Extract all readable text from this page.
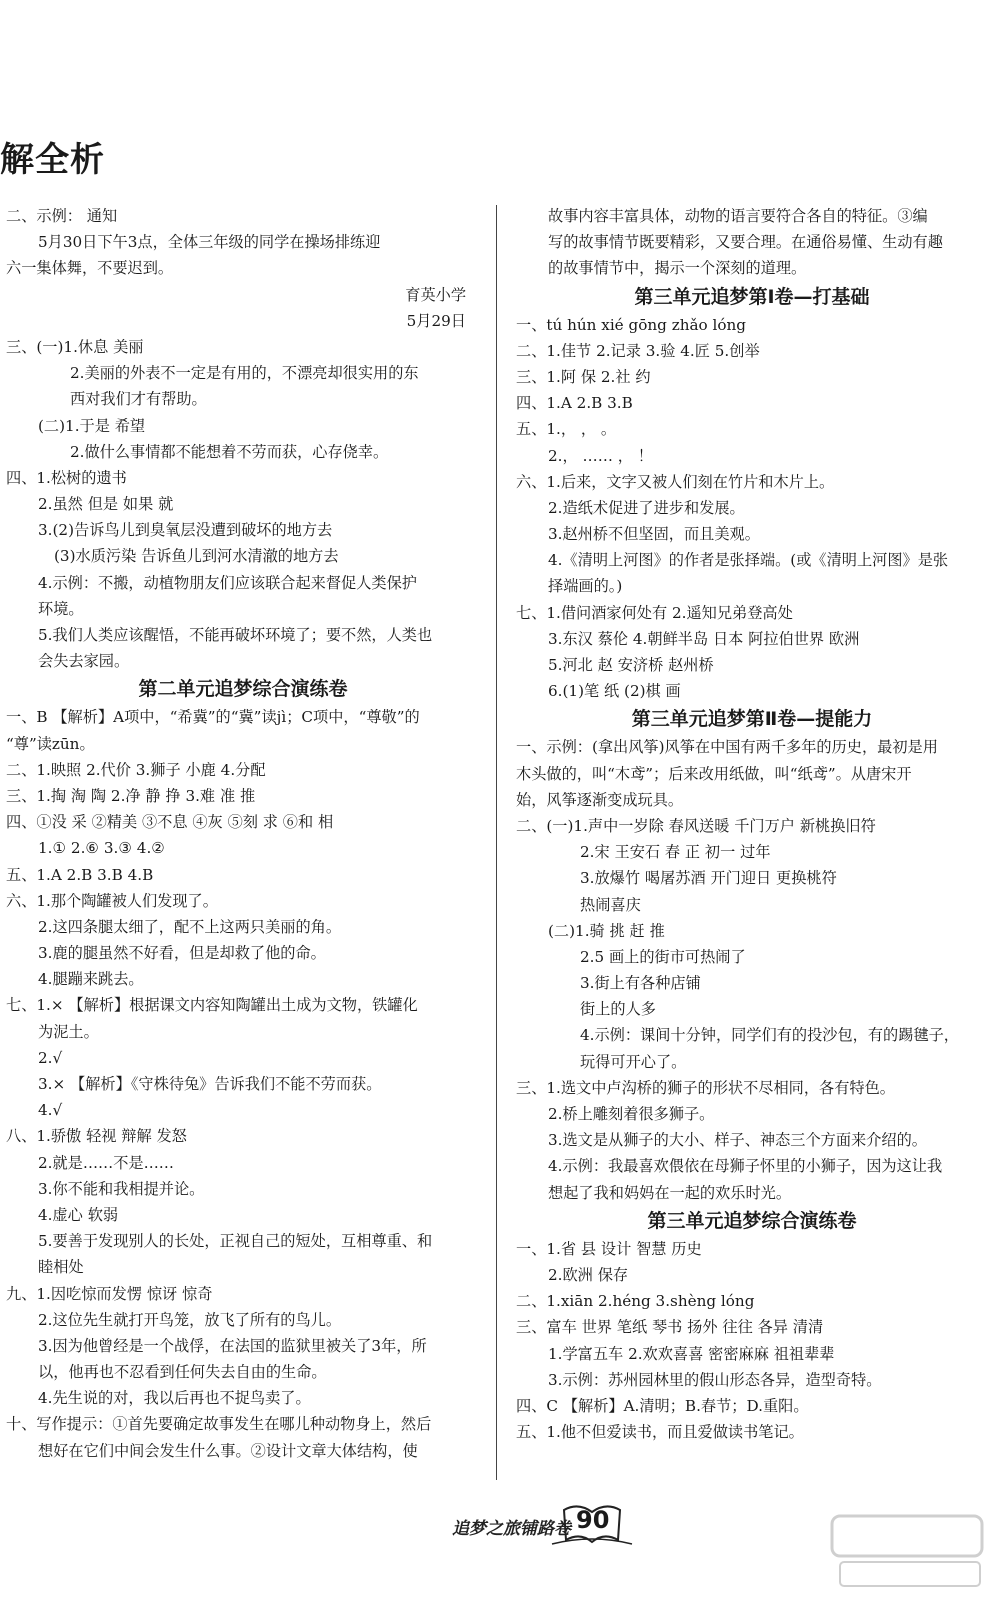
解全析
二、示例： 通知
5月30日下午3点，全体三年级的同学在操场排练迎
六一集体舞，不要迟到。
育英小学
5月29日
三、(一)1.休息 美丽
2.美丽的外表不一定是有用的，不漂亮却很实用的东
西对我们才有帮助。
(二)1.于是 希望
2.做什么事情都不能想着不劳而获，心存侥幸。
四、1.松树的遗书
2.虽然 但是 如果 就
3.(2)告诉鸟儿到臭氧层没遭到破坏的地方去
(3)水质污染 告诉鱼儿到河水清澈的地方去
4.示例：不搬，动植物朋友们应该联合起来督促人类保护
环境。
5.我们人类应该醒悟，不能再破坏环境了；要不然，人类也
会失去家园。
第二单元追梦综合演练卷
一、B 【解析】A项中，“希冀”的“冀”读jì；C项中，“尊敬”的
“尊”读zūn。
二、1.映照 2.代价 3.狮子 小鹿 4.分配
三、1.掏 淘 陶 2.净 静 挣 3.难 准 推
四、①没 采 ②精美 ③不息 ④灰 ⑤刻 求 ⑥和 相
1.① 2.⑥ 3.③ 4.②
五、1.A 2.B 3.B 4.B
六、1.那个陶罐被人们发现了。
2.这四条腿太细了，配不上这两只美丽的角。
3.鹿的腿虽然不好看，但是却救了他的命。
4.腿蹦来跳去。
七、1.× 【解析】根据课文内容知陶罐出土成为文物，铁罐化
为泥土。
2.√
3.× 【解析】《守株待兔》告诉我们不能不劳而获。
4.√
八、1.骄傲 轻视 辩解 发怒
2.就是……不是……
3.你不能和我相提并论。
4.虚心 软弱
5.要善于发现别人的长处，正视自己的短处，互相尊重、和
睦相处
九、1.因吃惊而发愣 惊讶 惊奇
2.这位先生就打开鸟笼，放飞了所有的鸟儿。
3.因为他曾经是一个战俘，在法国的监狱里被关了3年，所
以，他再也不忍看到任何失去自由的生命。
4.先生说的对，我以后再也不捉鸟卖了。
十、写作提示：①首先要确定故事发生在哪儿种动物身上，然后
想好在它们中间会发生什么事。②设计文章大体结构，使
故事内容丰富具体，动物的语言要符合各自的特征。③编
写的故事情节既要精彩，又要合理。在通俗易懂、生动有趣
的故事情节中，揭示一个深刻的道理。
第三单元追梦第Ⅰ卷—打基础
一、tú hún xié gōng zhǎo lóng
二、1.佳节 2.记录 3.验 4.匠 5.创举
三、1.阿 保 2.社 约
四、1.A 2.B 3.B
五、1.， ， 。
2.， …… ， ！
六、1.后来，文字又被人们刻在竹片和木片上。
2.造纸术促进了进步和发展。
3.赵州桥不但坚固，而且美观。
4.《清明上河图》的作者是张择端。(或《清明上河图》是张
择端画的。)
七、1.借问酒家何处有 2.遥知兄弟登高处
3.东汉 蔡伦 4.朝鲜半岛 日本 阿拉伯世界 欧洲
5.河北 赵 安济桥 赵州桥
6.(1)笔 纸 (2)棋 画
第三单元追梦第Ⅱ卷—提能力
一、示例：(拿出风筝)风筝在中国有两千多年的历史，最初是用
木头做的，叫“木鸢”；后来改用纸做，叫“纸鸢”。从唐宋开
始，风筝逐渐变成玩具。
二、(一)1.声中一岁除 春风送暖 千门万户 新桃换旧符
2.宋 王安石 春 正 初一 过年
3.放爆竹 喝屠苏酒 开门迎日 更换桃符
热闹喜庆
(二)1.骑 挑 赶 推
2.5 画上的街市可热闹了
3.街上有各种店铺
街上的人多
4.示例：课间十分钟，同学们有的投沙包，有的踢毽子，
玩得可开心了。
三、1.选文中卢沟桥的狮子的形状不尽相同，各有特色。
2.桥上雕刻着很多狮子。
3.选文是从狮子的大小、样子、神态三个方面来介绍的。
4.示例：我最喜欢偎依在母狮子怀里的小狮子，因为这让我
想起了我和妈妈在一起的欢乐时光。
第三单元追梦综合演练卷
一、1.省 县 设计 智慧 历史
2.欧洲 保存
二、1.xiān 2.héng 3.shèng lóng
三、富车 世界 笔纸 琴书 扬外 往往 各异 清清
1.学富五车 2.欢欢喜喜 密密麻麻 祖祖辈辈
3.示例：苏州园林里的假山形态各异，造型奇特。
四、C 【解析】A.清明；B.春节；D.重阳。
五、1.他不但爱读书，而且爱做读书笔记。
追梦之旅铺路卷 90
